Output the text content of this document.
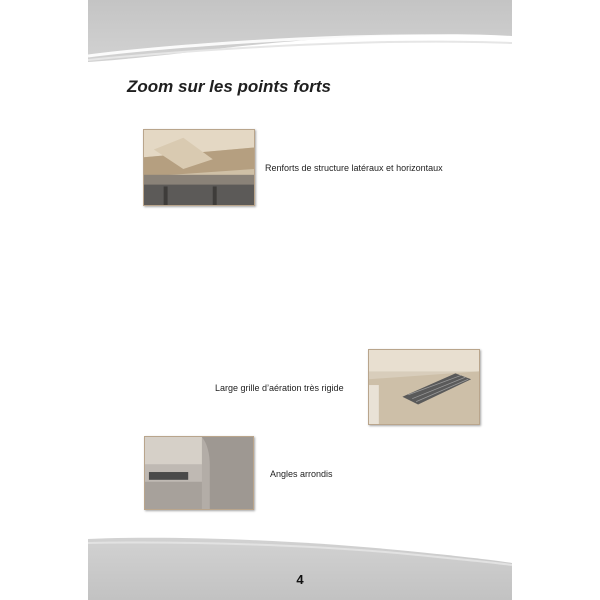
Zoom sur les points forts
Renforts de structure latéraux et horizontaux
Large grille d’aération très rigide
Angles arrondis
4
